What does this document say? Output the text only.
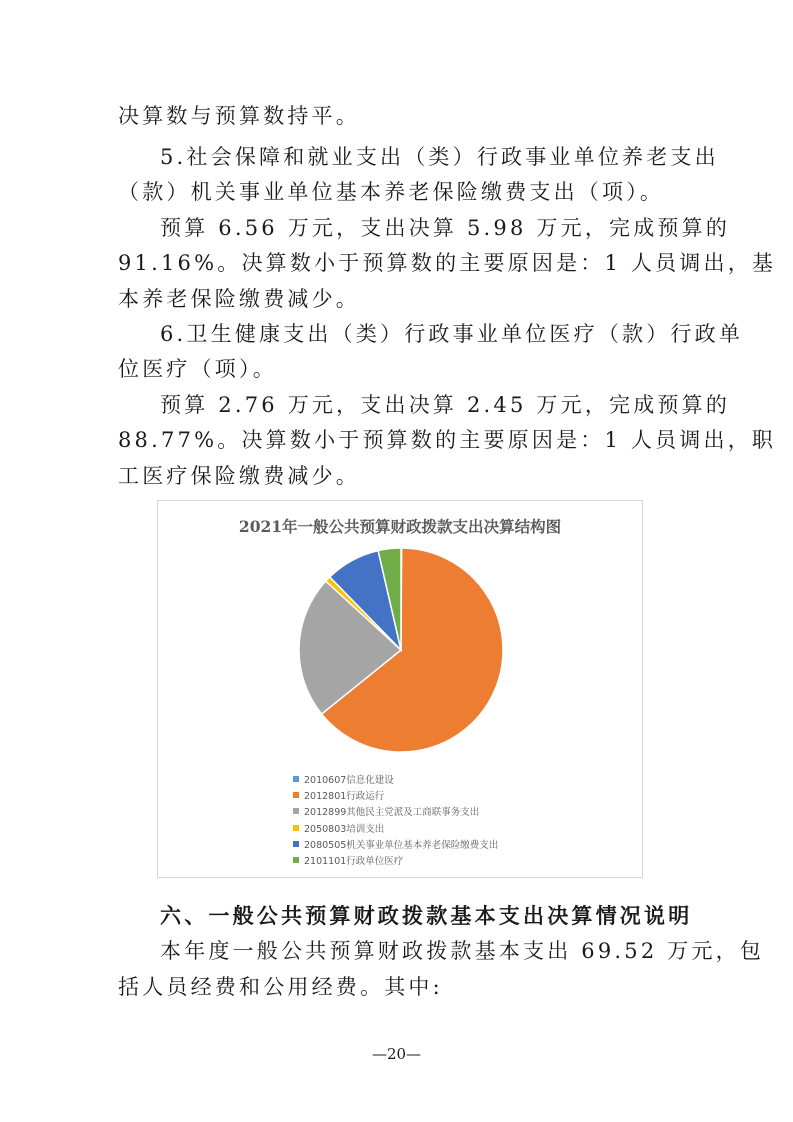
决算数与预算数持平。
5.社会保障和就业支出（类）行政事业单位养老支出
（款）机关事业单位基本养老保险缴费支出（项）。
预算 6.56 万元，支出决算 5.98 万元，完成预算的
91.16%。决算数小于预算数的主要原因是：1 人员调出，基
本养老保险缴费减少。
6.卫生健康支出（类）行政事业单位医疗（款）行政单
位医疗（项）。
预算 2.76 万元，支出决算 2.45 万元，完成预算的
88.77%。决算数小于预算数的主要原因是：1 人员调出，职
工医疗保险缴费减少。
2021年一般公共预算财政拨款支出决算结构图
2010607信息化建设
2012801行政运行
2012899其他民主党派及工商联事务支出
2050803培训支出
2080505机关事业单位基本养老保险缴费支出
2101101行政单位医疗
六、一般公共预算财政拨款基本支出决算情况说明
本年度一般公共预算财政拨款基本支出 69.52 万元，包
括人员经费和公用经费。其中:
—20—
